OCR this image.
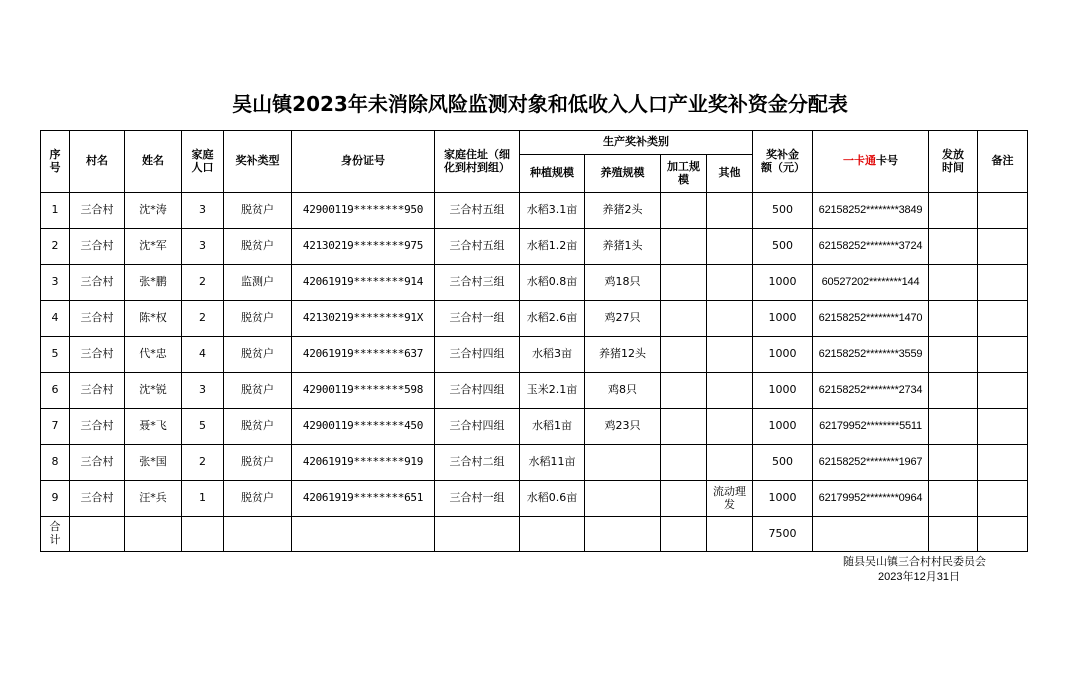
吴山镇2023年未消除风险监测对象和低收入人口产业奖补资金分配表
序号	村名	姓名	家庭人口	奖补类型	身份证号	家庭住址（细化到村到组）	生产奖补类别				奖补金额（元）	一卡通卡号	发放时间	备注
							种植规模	养殖规模	加工规模	其他				
1	三合村	沈*涛	3	脱贫户	42900119********950	三合村五组	水稻3.1亩	养猪2头			500	62158252********3849		
2	三合村	沈*军	3	脱贫户	42130219********975	三合村五组	水稻1.2亩	养猪1头			500	62158252********3724		
3	三合村	张*鹏	2	监测户	42061919********914	三合村三组	水稻0.8亩	鸡18只			1000	60527202********144		
4	三合村	陈*权	2	脱贫户	42130219********91X	三合村一组	水稻2.6亩	鸡27只			1000	62158252********1470		
5	三合村	代*忠	4	脱贫户	42061919********637	三合村四组	水稻3亩	养猪12头			1000	62158252********3559		
6	三合村	沈*锐	3	脱贫户	42900119********598	三合村四组	玉米2.1亩	鸡8只			1000	62158252********2734		
7	三合村	聂*飞	5	脱贫户	42900119********450	三合村四组	水稻1亩	鸡23只			1000	62179952********5511		
8	三合村	张*国	2	脱贫户	42061919********919	三合村二组	水稻11亩				500	62158252********1967		
9	三合村	汪*兵	1	脱贫户	42061919********651	三合村一组	水稻0.6亩			流动理发	1000	62179952********0964		
合计											7500			
随县吴山镇三合村村民委员会
2023年12月31日
